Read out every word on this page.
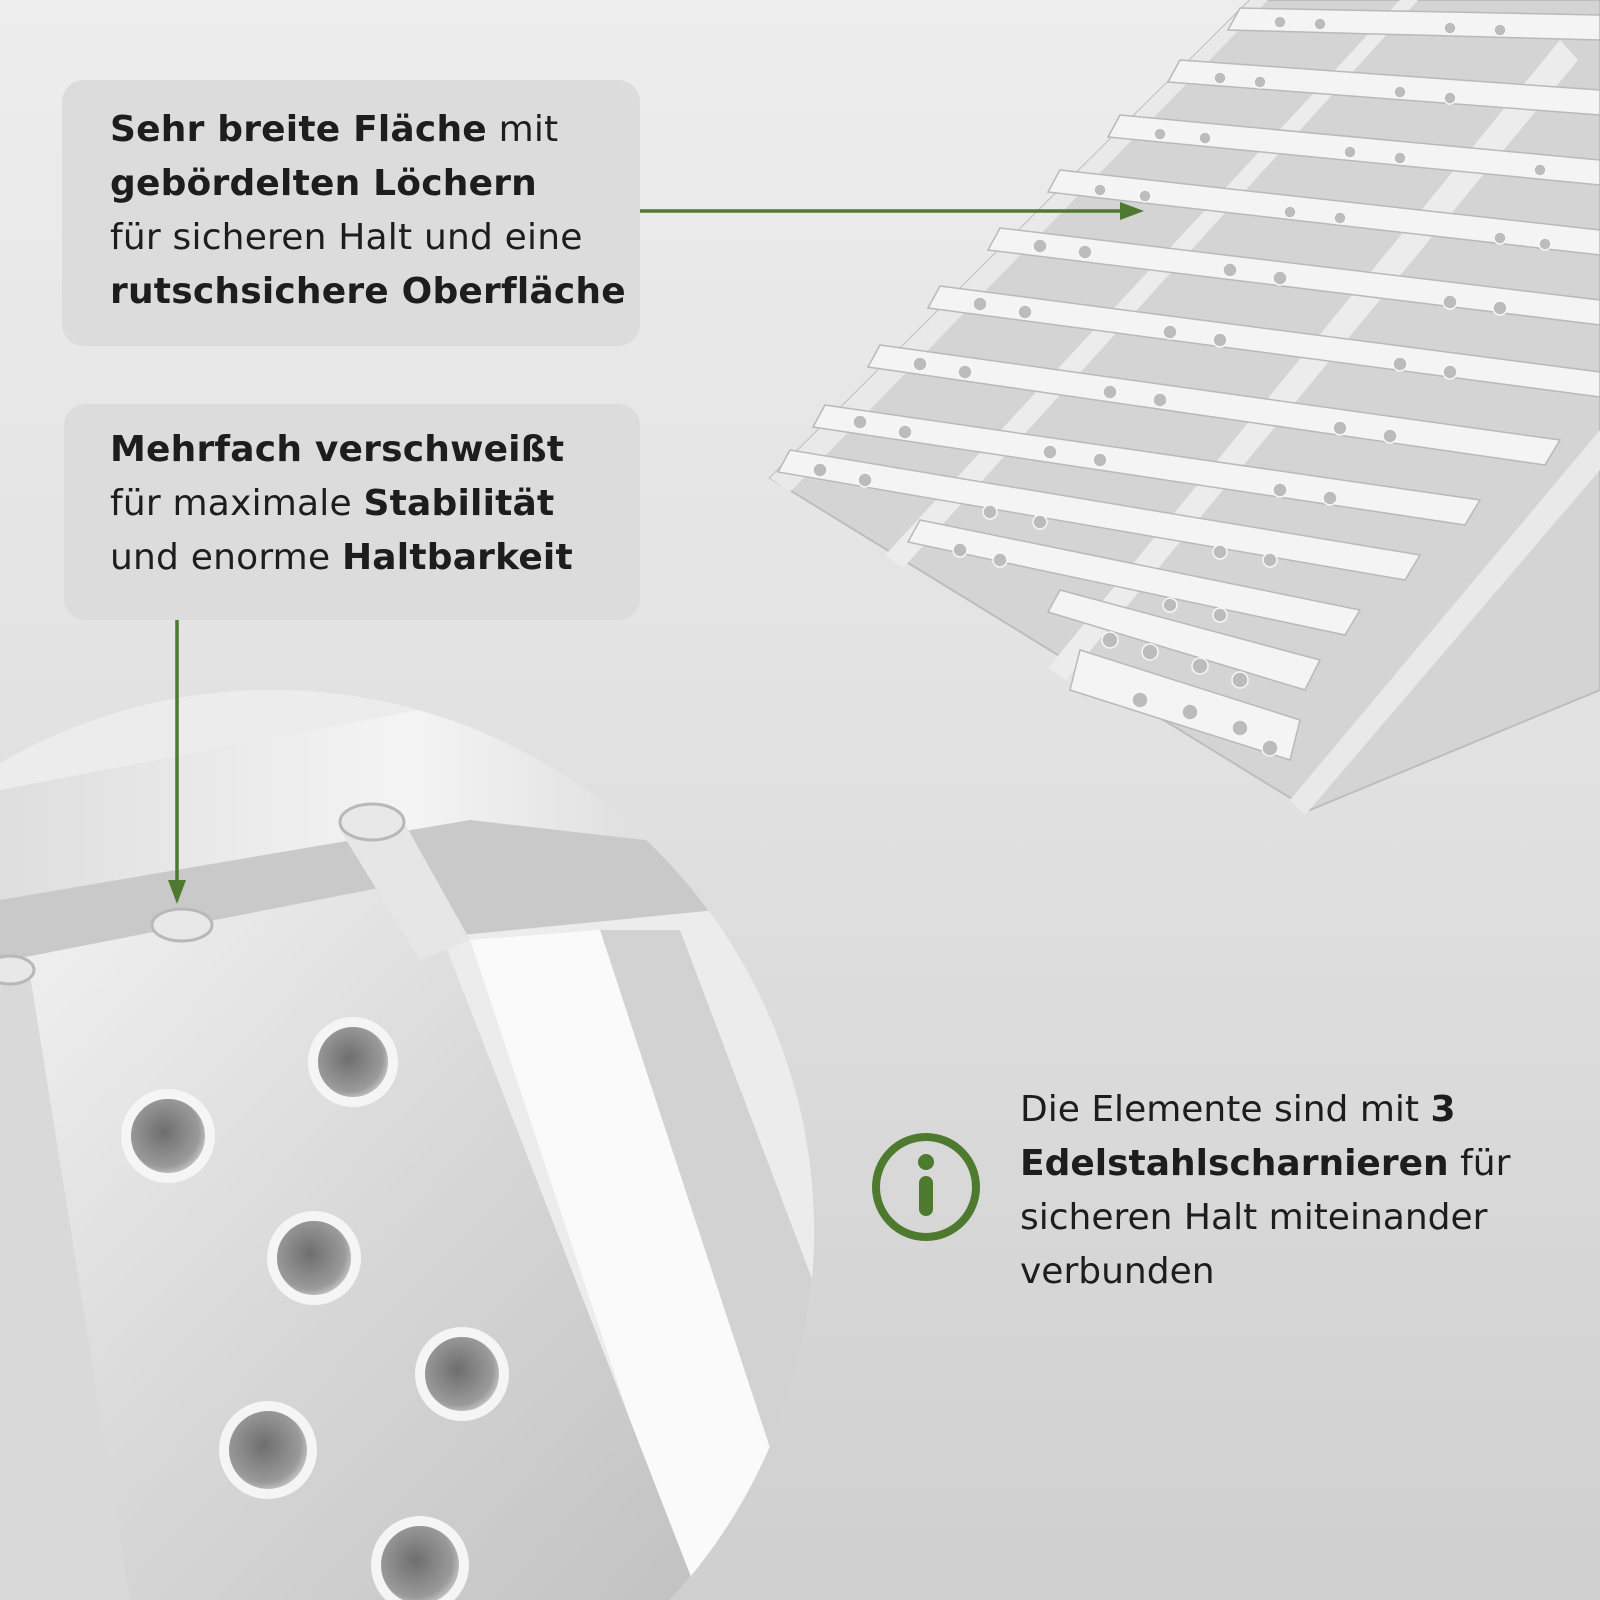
Sehr breite Fläche mit
gebördelten Löchern
für sicheren Halt und eine
rutschsichere Oberfläche
Mehrfach verschweißt
für maximale Stabilität
und enorme Haltbarkeit
Die Elemente sind mit 3
Edelstahlscharnieren für
sicheren Halt miteinander
verbunden
